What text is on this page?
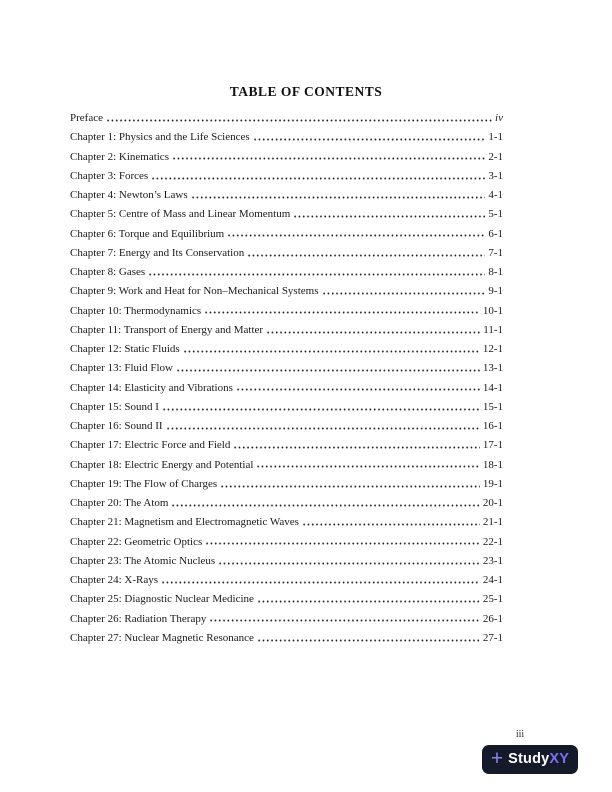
TABLE OF CONTENTS
Preface	iv
Chapter 1: Physics and the Life Sciences	1-1
Chapter 2: Kinematics	2-1
Chapter 3: Forces	3-1
Chapter 4: Newton’s Laws	4-1
Chapter 5: Centre of Mass and Linear Momentum	5-1
Chapter 6: Torque and Equilibrium	6-1
Chapter 7: Energy and Its Conservation	7-1
Chapter 8: Gases	8-1
Chapter 9: Work and Heat for Non–Mechanical Systems	9-1
Chapter 10: Thermodynamics	10-1
Chapter 11: Transport of Energy and Matter	11-1
Chapter 12: Static Fluids	12-1
Chapter 13: Fluid Flow	13-1
Chapter 14: Elasticity and Vibrations	14-1
Chapter 15: Sound I	15-1
Chapter 16: Sound II	16-1
Chapter 17: Electric Force and Field	17-1
Chapter 18: Electric Energy and Potential	18-1
Chapter 19: The Flow of Charges	19-1
Chapter 20: The Atom	20-1
Chapter 21: Magnetism and Electromagnetic Waves	21-1
Chapter 22: Geometric Optics	22-1
Chapter 23: The Atomic Nucleus	23-1
Chapter 24: X-Rays	24-1
Chapter 25: Diagnostic Nuclear Medicine	25-1
Chapter 26: Radiation Therapy	26-1
Chapter 27: Nuclear Magnetic Resonance	27-1
iii
+ StudyXY
